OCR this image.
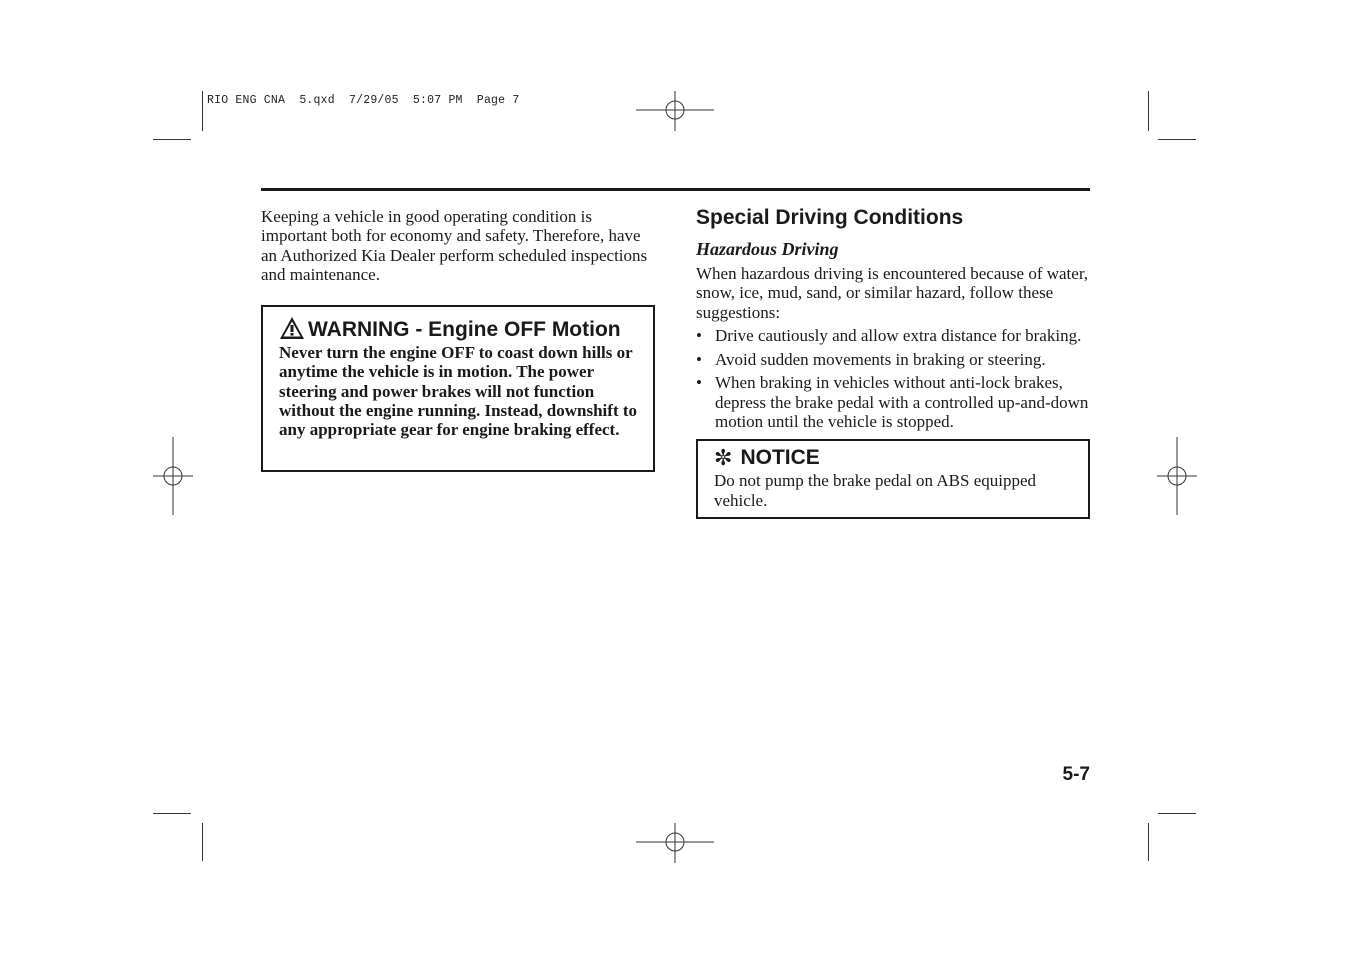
RIO ENG CNA  5.qxd  7/29/05  5:07 PM  Page 7

Keeping a vehicle in good operating condition is important both for economy and safety. Therefore, have an Authorized Kia Dealer perform scheduled inspections and maintenance.

WARNING - Engine OFF Motion

Never turn the engine OFF to coast down hills or anytime the vehicle is in motion. The power steering and power brakes will not function without the engine running. Instead, downshift to any appropriate gear for engine braking effect.

Special Driving Conditions
Hazardous Driving

When hazardous driving is encountered because of water, snow, ice, mud, sand, or similar hazard, follow these suggestions:

• Drive cautiously and allow extra distance for braking.
• Avoid sudden movements in braking or steering.
• When braking in vehicles without anti-lock brakes, depress the brake pedal with a controlled up-and-down motion until the vehicle is stopped.
✼ NOTICE

Do not pump the brake pedal on ABS equipped vehicle.

5-7
